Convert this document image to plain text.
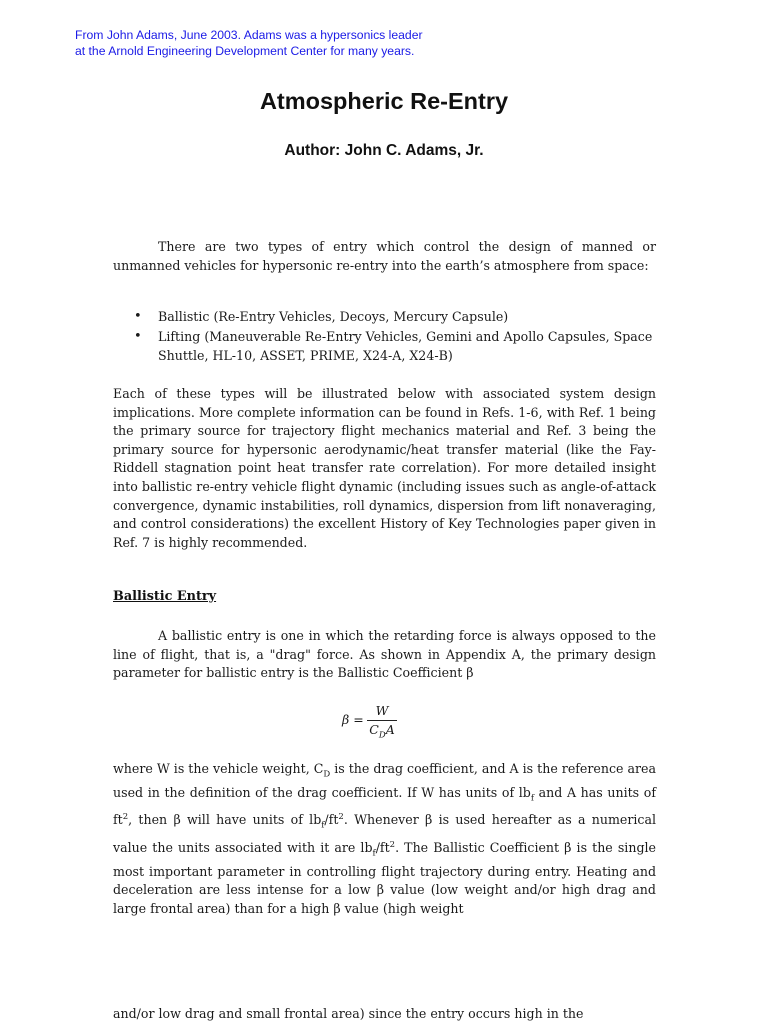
From John Adams, June 2003. Adams was a hypersonics leader
at the Arnold Engineering Development Center for many years.
Atmospheric Re-Entry
Author: John C. Adams, Jr.
There are two types of entry which control the design of manned or unmanned vehicles for hypersonic re-entry into the earth’s atmosphere from space:
• Ballistic (Re-Entry Vehicles, Decoys, Mercury Capsule)
• Lifting (Maneuverable Re-Entry Vehicles, Gemini and Apollo Capsules, Space Shuttle, HL-10, ASSET, PRIME, X24-A, X24-B)
Each of these types will be illustrated below with associated system design implications. More complete information can be found in Refs. 1-6, with Ref. 1 being the primary source for trajectory flight mechanics material and Ref. 3 being the primary source for hypersonic aerodynamic/heat transfer material (like the Fay-Riddell stagnation point heat transfer rate correlation). For more detailed insight into ballistic re-entry vehicle flight dynamic (including issues such as angle-of-attack convergence, dynamic instabilities, roll dynamics, dispersion from lift nonaveraging, and control considerations) the excellent History of Key Technologies paper given in Ref. 7 is highly recommended.
Ballistic Entry
A ballistic entry is one in which the retarding force is always opposed to the line of flight, that is, a "drag" force. As shown in Appendix A, the primary design parameter for ballistic entry is the Ballistic Coefficient β
β =
W
$C_DA$
where W is the vehicle weight, $C_D$ is the drag coefficient, and A is the reference area used in the definition of the drag coefficient. If W has units of $lb_f$ and A has units of $ft^2$, then β will have units of $lb_f/ft^2$. Whenever β is used hereafter as a numerical value the units associated with it are $lb_f/ft^2$. The Ballistic Coefficient β is the single most important parameter in controlling flight trajectory during entry. Heating and deceleration are less intense for a low β value (low weight and/or high drag and large frontal area) than for a high β value (high weight
and/or low drag and small frontal area) since the entry occurs high in the
